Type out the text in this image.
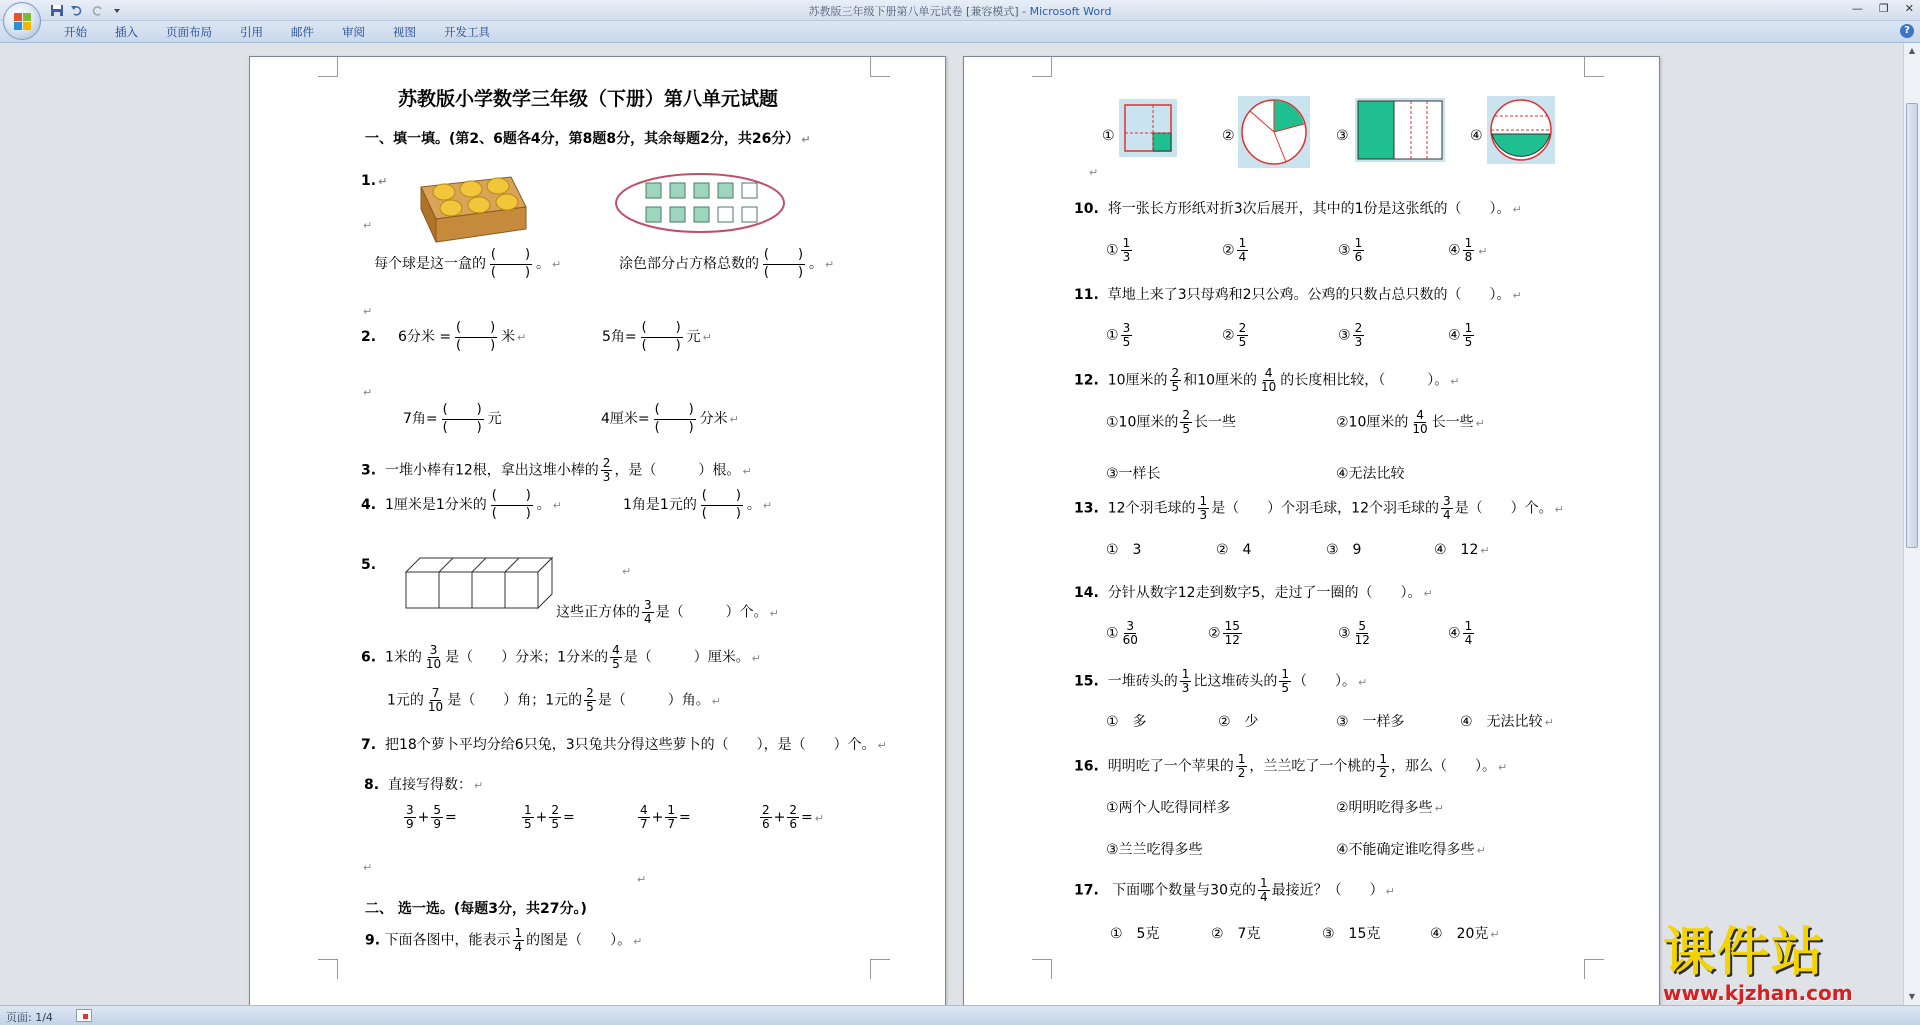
苏教版三年级下册第八单元试卷 [兼容模式] - Microsoft Word	— ❐ ✕
开始	插入	页面布局	引用	邮件	审阅	视图	开发工具	?
苏教版小学数学三年级（下册）第八单元试题
一、填一填。(第2、6题各4分，第8题8分，其余每题2分，共26分） ↵
1. ↵
↵
每个球是这一盒的
(　　)
(　　)
。 ↵	涂色部分占方格总数的
(　　)
(　　)
。 ↵
↵
2. 6分米 =
(　　)
(　　)
米 ↵	5角=
(　　)
(　　)
元 ↵
↵
7角=
(　　)
(　　)
元	4厘米=
(　　)
(　　)
分米 ↵
3. 一堆小棒有12根，拿出这堆小棒的 $\frac{2}{3}$ ，是（　　　）根。 ↵
4. 1厘米是1分米的
(　　)
(　　)
。 ↵	1角是1元的
(　　)
(　　)
。 ↵
5.	↵
这些正方体的 $\frac{3}{4}$ 是（　　　）个。 ↵
6. 1米的 $\frac{3}{10}$ 是（　　）分米；1分米的 $\frac{4}{5}$ 是（　　　）厘米。 ↵
1元的 $\frac{7}{10}$ 是（　　）角；1元的 $\frac{2}{5}$ 是（　　　）角。 ↵
7. 把18个萝卜平均分给6只兔，3只兔共分得这些萝卜的（　　），是（　　）个。 ↵
8. 直接写得数： ↵
$\frac{3}{9} + \frac{5}{9}$ =	$\frac{1}{5} + \frac{2}{5}$ =	$\frac{4}{7} + \frac{1}{7}$ =	$\frac{2}{6} + \frac{2}{6}$ = ↵
↵
↵
二、 选一选。(每题3分，共27分。)
9. 下面各图中，能表示 $\frac{1}{4}$ 的图是（　　）。 ↵
①	②	③	④
↵
10. 将一张长方形纸对折3次后展开，其中的1份是这张纸的（　　）。 ↵
① $\frac{1}{3}$	② $\frac{1}{4}$	③ $\frac{1}{6}$	④ $\frac{1}{8}$ ↵
11. 草地上来了3只母鸡和2只公鸡。公鸡的只数占总只数的（　　）。 ↵
① $\frac{3}{5}$	② $\frac{2}{5}$	③ $\frac{2}{3}$	④ $\frac{1}{5}$
12. 10厘米的 $\frac{2}{5}$ 和10厘米的 $\frac{4}{10}$ 的长度相比较，（　　　）。 ↵
①10厘米的 $\frac{2}{5}$ 长一些	②10厘米的 $\frac{4}{10}$ 长一些 ↵
③一样长	④无法比较
13. 12个羽毛球的 $\frac{1}{3}$ 是（　　）个羽毛球，12个羽毛球的 $\frac{3}{4}$ 是（　　）个。 ↵
①　3	②　4	③　9	④　12 ↵
14. 分针从数字12走到数字5，走过了一圈的（　　）。 ↵
① $\frac{3}{60}$	② $\frac{15}{12}$	③ $\frac{5}{12}$	④ $\frac{1}{4}$
15. 一堆砖头的 $\frac{1}{3}$ 比这堆砖头的 $\frac{1}{5}$ （　　）。 ↵
①　多	②　少	③　一样多	④　无法比较 ↵
16. 明明吃了一个苹果的 $\frac{1}{2}$ ，兰兰吃了一个桃的 $\frac{1}{2}$ ，那么（　　）。 ↵
①两个人吃得同样多	②明明吃得多些 ↵
③兰兰吃得多些	④不能确定谁吃得多些 ↵
17. 下面哪个数量与30克的 $\frac{1}{4}$ 最接近？（　　） ↵
①　5克	②　7克	③　15克	④　20克 ↵
▲
▼
课件站
www.kjzhan.com
页面: 1/4
